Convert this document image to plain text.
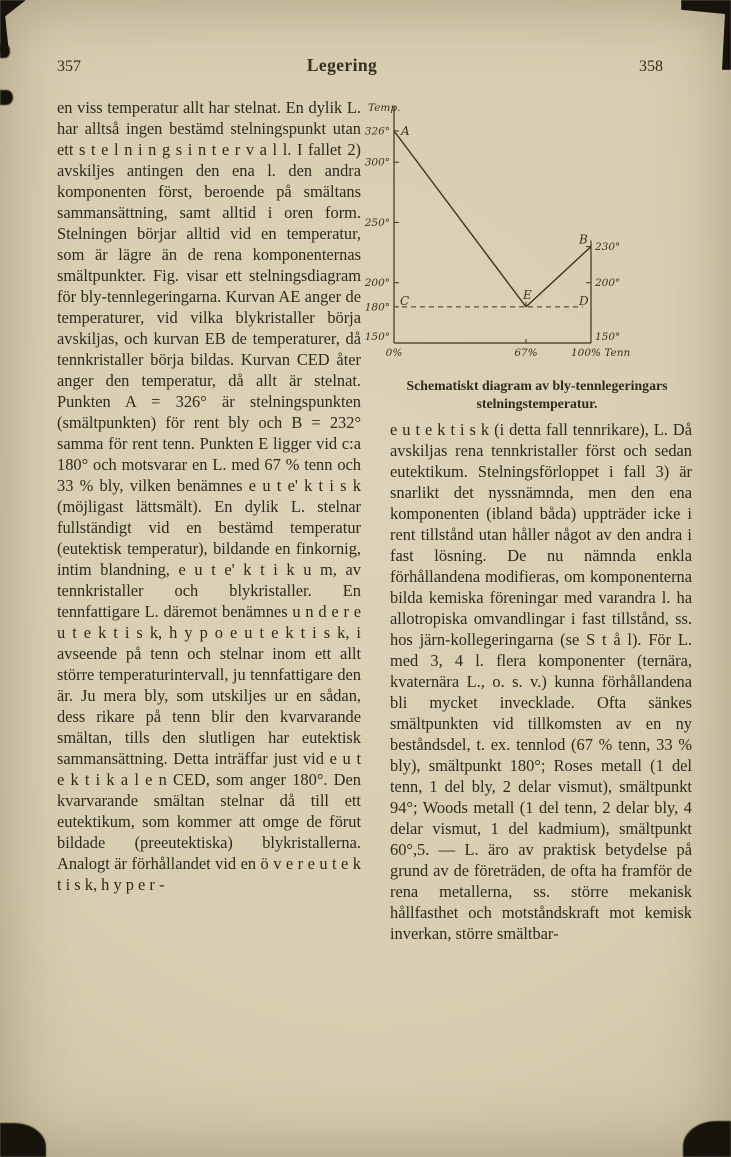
357	Legering	358

en viss temperatur allt har stelnat. En dylik L. har alltså ingen bestämd stelningspunkt utan ett s t e l n i n g s i n t e r v a l l. I fallet 2) avskiljes antingen den ena l. den andra komponenten först, beroende på smältans sammansättning, samt alltid i oren form. Stelningen börjar alltid vid en temperatur, som är lägre än de rena komponenternas smältpunkter. Fig. visar ett stelningsdiagram för bly-tennlegeringarna. Kurvan AE anger de temperaturer, vid vilka blykristaller börja avskiljas, och kurvan EB de temperaturer, då tennkristaller börja bildas. Kurvan CED åter anger den temperatur, då allt är stelnat. Punkten A = 326° är stelningspunkten (smältpunkten) för rent bly och B = 232° samma för rent tenn. Punkten E ligger vid c:a 180° och motsvarar en L. med 67 % tenn och 33 % bly, vilken benämnes e u t e' k t i s k (möjligast lättsmält). En dylik L. stelnar fullständigt vid en bestämd temperatur (eutektisk temperatur), bildande en finkornig, intim blandning, e u t e' k t i k u m, av tennkristaller och blykristaller. En tennfattigare L. däremot benämnes u n d e r e u t e k t i s k, h y p o e u t e k t i s k, i avseende på tenn och stelnar inom ett allt större temperaturintervall, ju tennfattigare den är. Ju mera bly, som utskiljes ur en sådan, dess rikare på tenn blir den kvarvarande smältan, tills den slutligen har eutektisk sammansättning. Detta inträffar just vid e u t e k t i k a l e n CED, som anger 180°. Den kvarvarande smältan stelnar då till ett eutektikum, som kommer att omge de förut bildade (preeutektiska) blykristallerna. Analogt är förhållandet vid en ö v e r e u t e k t i s k, h y p e r -

Temp.
326°
300°
250°
200°
180°
150°
230°
200°
150°
0%	67%	100% Tenn
A
B
C	D
E
Schematiskt diagram av bly-tennlegeringars stelningstemperatur.

e u t e k t i s k (i detta fall tennrikare), L. Då avskiljas rena tennkristaller först och sedan eutektikum. Stelningsförloppet i fall 3) är snarlikt det nyssnämnda, men den ena komponenten (ibland båda) uppträder icke i rent tillstånd utan håller något av den andra i fast lösning. De nu nämnda enkla förhållandena modifieras, om komponenterna bilda kemiska föreningar med varandra l. ha allotropiska omvandlingar i fast tillstånd, ss. hos järn-kollegeringarna (se S t å l). För L. med 3, 4 l. flera komponenter (ternära, kvaternära L., o. s. v.) kunna förhållandena bli mycket invecklade. Ofta sänkes smältpunkten vid tillkomsten av en ny beståndsdel, t. ex. tennlod (67 % tenn, 33 % bly), smältpunkt 180°; Roses metall (1 del tenn, 1 del bly, 2 delar vismut), smältpunkt 94°; Woods metall (1 del tenn, 2 delar bly, 4 delar vismut, 1 del kadmium), smältpunkt 60°,5. — L. äro av praktisk betydelse på grund av de företräden, de ofta ha framför de rena metallerna, ss. större mekanisk hållfasthet och motståndskraft mot kemisk inverkan, större smältbar-
